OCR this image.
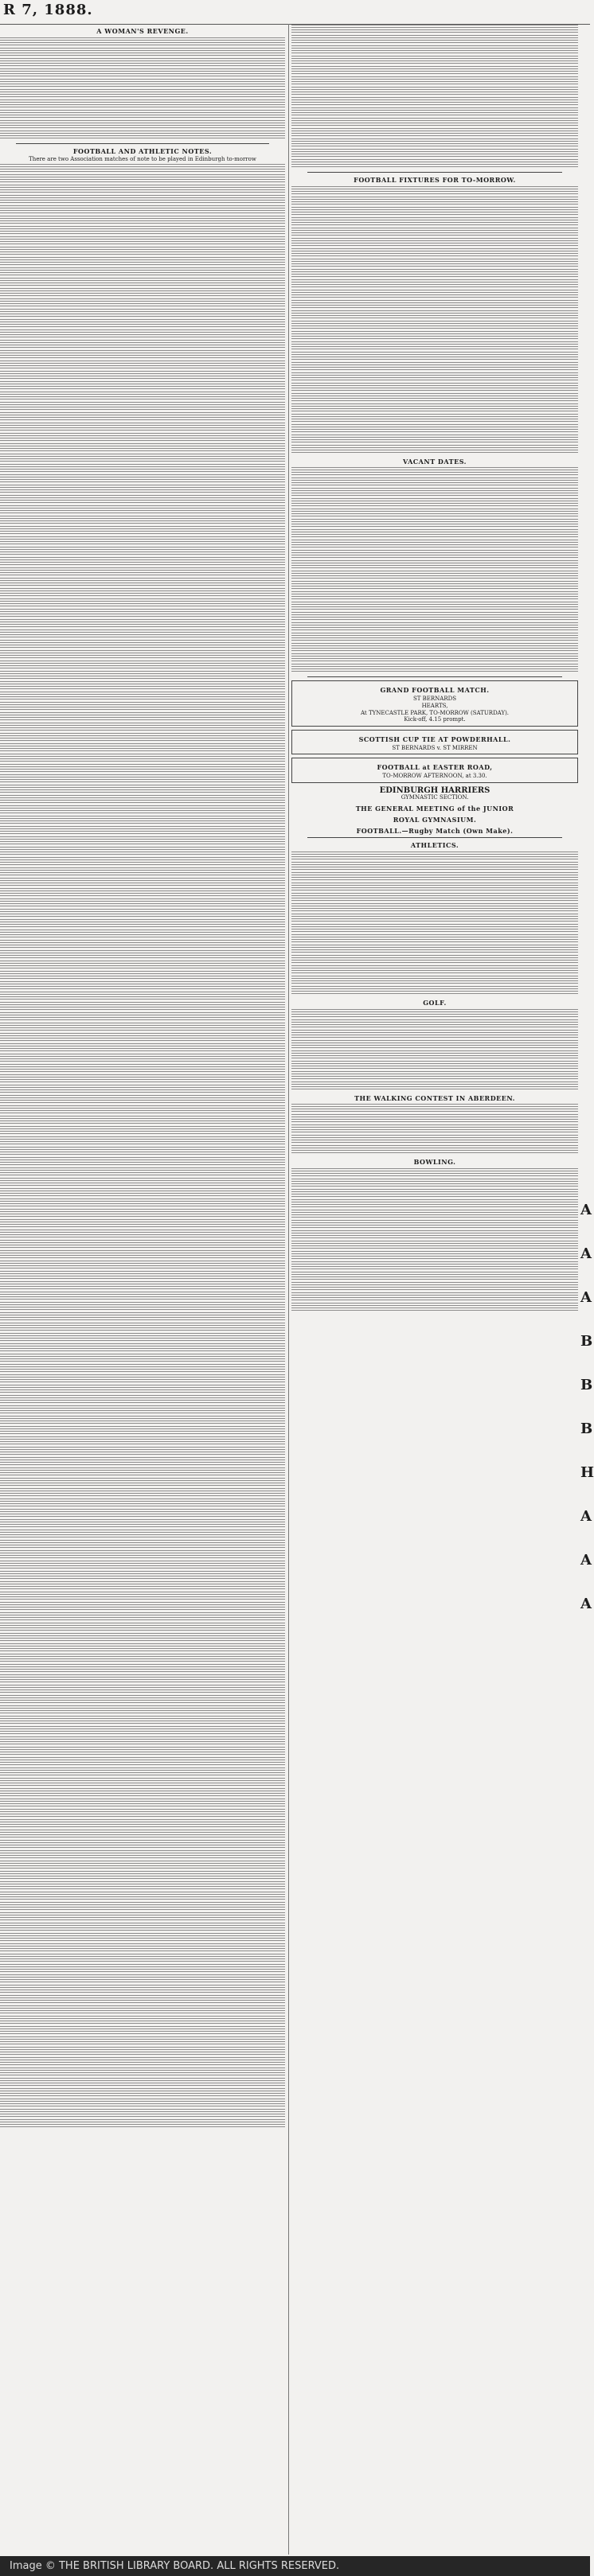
R 7, 1888.
A WOMAN'S REVENGE.
FOOTBALL AND ATHLETIC NOTES.
There are two Association matches of note to be played in Edinburgh to-morrow
FOOTBALL FIXTURES FOR TO-MORROW.
VACANT DATES.
GRAND FOOTBALL MATCH.
ST BERNARDS
HEARTS,
At TYNECASTLE PARK, TO-MORROW (SATURDAY).
Kick-off, 4.15 prompt.
SCOTTISH CUP TIE AT POWDERHALL.
ST BERNARDS v. ST MIRREN
FOOTBALL at EASTER ROAD,
TO-MORROW AFTERNOON, at 3.30.
EDINBURGH HARRIERS
GYMNASTIC SECTION.
THE GENERAL MEETING of the JUNIOR
ROYAL GYMNASIUM.
FOOTBALL.—Rugby Match (Own Make).
ATHLETICS.
GOLF.
THE WALKING CONTEST IN ABERDEEN.
BOWLING.
A
A
A
B
B
B
H
A
A
A
Image © THE BRITISH LIBRARY BOARD. ALL RIGHTS RESERVED.
